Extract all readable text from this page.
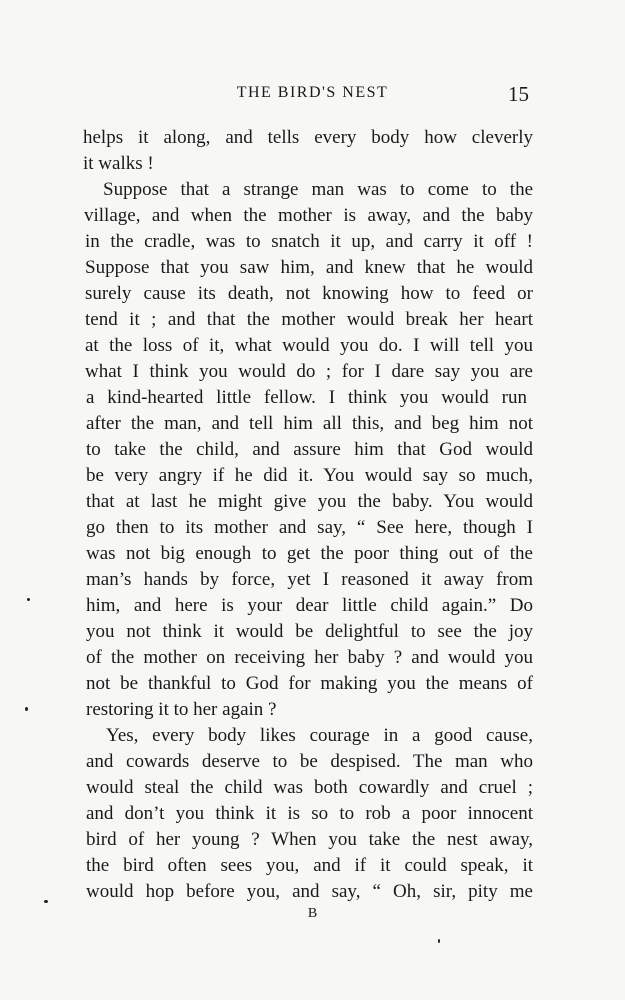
THE BIRD'S NEST	15
helps it along, and tells every body how cleverly
it walks !
Suppose that a strange man was to come to the
village, and when the mother is away, and the baby
in the cradle, was to snatch it up, and carry it off !
Suppose that you saw him, and knew that he would
surely cause its death, not knowing how to feed or
tend it ; and that the mother would break her heart
at the loss of it, what would you do. I will tell you
what I think you would do ; for I dare say you are
a kind-hearted little fellow. I think you would run
after the man, and tell him all this, and beg him not
to take the child, and assure him that God would
be very angry if he did it. You would say so much,
that at last he might give you the baby. You would
go then to its mother and say, “ See here, though I
was not big enough to get the poor thing out of the
man’s hands by force, yet I reasoned it away from
him, and here is your dear little child again.” Do
you not think it would be delightful to see the joy
of the mother on receiving her baby ? and would you
not be thankful to God for making you the means of
restoring it to her again ?
Yes, every body likes courage in a good cause,
and cowards deserve to be despised. The man who
would steal the child was both cowardly and cruel ;
and don’t you think it is so to rob a poor innocent
bird of her young ? When you take the nest away,
the bird often sees you, and if it could speak, it
would hop before you, and say, “ Oh, sir, pity me
B
